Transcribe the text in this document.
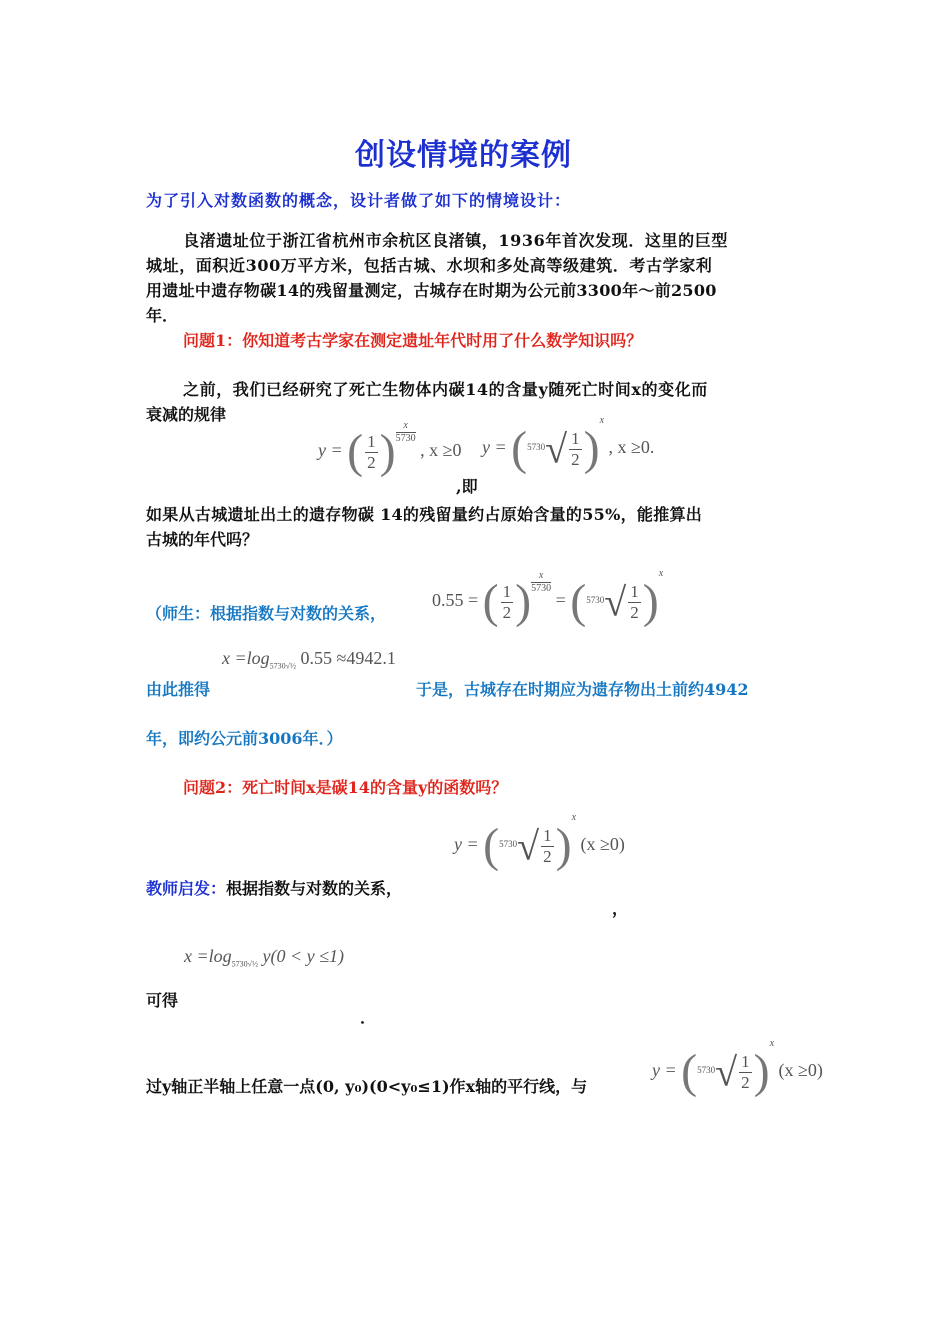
创设情境的案例
为了引入对数函数的概念，设计者做了如下的情境设计：
良渚遗址位于浙江省杭州市余杭区良渚镇，1936年首次发现．这里的巨型
城址，面积近300万平方米，包括古城、水坝和多处高等级建筑．考古学家利
用遗址中遗存物碳14的残留量测定，古城存在时期为公元前3300年～前2500
年．
问题1：你知道考古学家在测定遗址年代时用了什么数学知识吗？
之前，我们已经研究了死亡生物体内碳14的含量y随死亡时间x的变化而
衰减的规律
y = ( $\frac{1}{2}$ ) $\frac{x}{5730}$
, x ≥0
,即
$y = (5730√ \frac{1}{2} )^x$ , x ≥0.
如果从古城遗址出土的遗存物碳 14的残留量约占原始含量的55%，能推算出
古城的年代吗？
（师生：根据指数与对数的关系，
0.55 = ( $\frac{1}{2}$ ) $\frac{x}{5730}$
= $(5730√ \frac{1}{2} )^x$
$x =\log_{5730√\frac{1}{2}}$ 0.55 ≈4942.1
由此推得	于是，古城存在时期应为遗存物出土前约4942
年，即约公元前3006年．）
问题2：死亡时间x是碳14的含量y的函数吗？
$y = (5730√ \frac{1}{2} )^x$ (x ≥0)
教师启发：根据指数与对数的关系，
，
$x =\log_{5730√\frac{1}{2}}$ y(0 < y ≤1)
可得
．
过y轴正半轴上任意一点(0, y₀)(0<y₀≤1)作x轴的平行线，与
$y = (5730√ \frac{1}{2} )^x$ (x ≥0)
